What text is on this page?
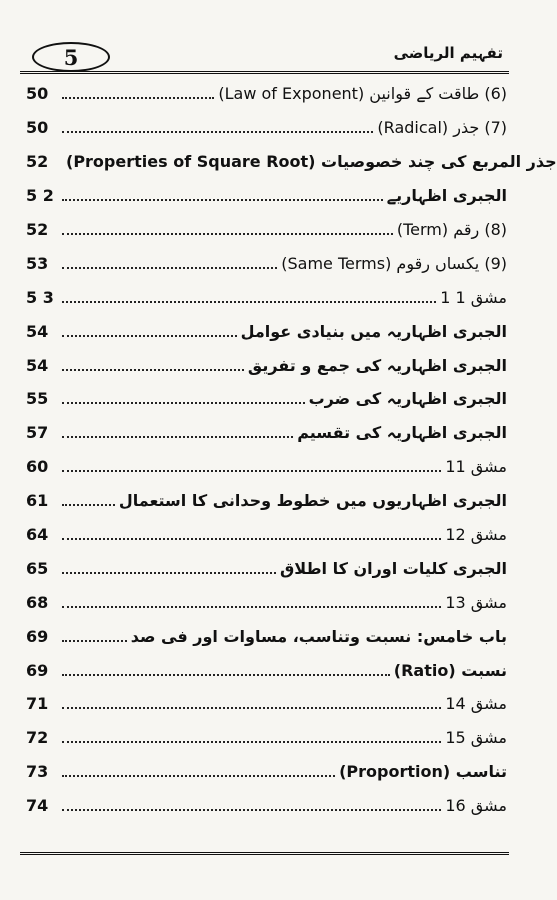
5	تفہیم الریاضی
50	(6) طاقت کے قوانین (Law of Exponent)
50	(7) جذر (Radical)
52	جذر المربع کی چند خصوصیات (Properties of Square Root)
5 2	الجبری اظہاریے
52	(8) رقم (Term)
53	(9) یکساں رقوم (Same Terms)
5 3	مشق 1 1
54	الجبری اظہاریہ میں بنیادی عوامل
54	الجبری اظہاریہ کی جمع و تفریق
55	الجبری اظہاریہ کی ضرب
57	الجبری اظہاریہ کی تقسیم
60	مشق 11
61	الجبری اظہاریوں میں خطوط وحدانی کا استعمال
64	مشق 12
65	الجبری کلیات اوران کا اطلاق
68	مشق 13
69	باب خامس: نسبت وتناسب، مساوات اور فی صد
69	نسبت (Ratio)
71	مشق 14
72	مشق 15
73	تناسب (Proportion)
74	مشق 16
